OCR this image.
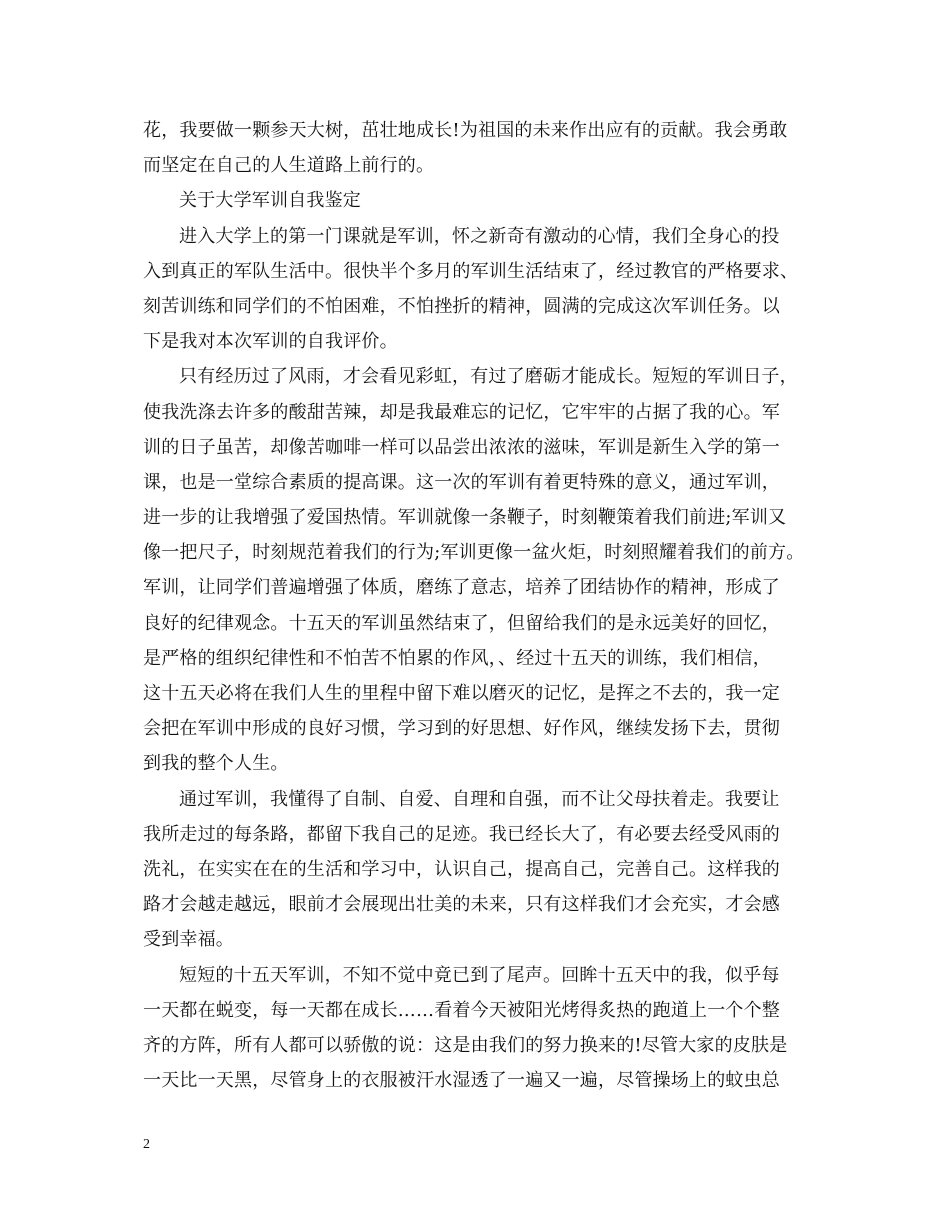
花，我要做一颗参天大树，茁壮地成长!为祖国的未来作出应有的贡献。我会勇敢
而坚定在自己的人生道路上前行的。
关于大学军训自我鉴定
进入大学上的第一门课就是军训，怀之新奇有激动的心情，我们全身心的投
入到真正的军队生活中。很快半个多月的军训生活结束了，经过教官的严格要求、
刻苦训练和同学们的不怕困难，不怕挫折的精神，圆满的完成这次军训任务。以
下是我对本次军训的自我评价。
只有经历过了风雨，才会看见彩虹，有过了磨砺才能成长。短短的军训日子，
使我洗涤去许多的酸甜苦辣，却是我最难忘的记忆，它牢牢的占据了我的心。军
训的日子虽苦，却像苦咖啡一样可以品尝出浓浓的滋味，军训是新生入学的第一
课，也是一堂综合素质的提高课。这一次的军训有着更特殊的意义，通过军训，
进一步的让我增强了爱国热情。军训就像一条鞭子，时刻鞭策着我们前进;军训又
像一把尺子，时刻规范着我们的行为;军训更像一盆火炬，时刻照耀着我们的前方。
军训，让同学们普遍增强了体质，磨练了意志，培养了团结协作的精神，形成了
良好的纪律观念。十五天的军训虽然结束了，但留给我们的是永远美好的回忆，
是严格的组织纪律性和不怕苦不怕累的作风，、经过十五天的训练，我们相信，
这十五天必将在我们人生的里程中留下难以磨灭的记忆，是挥之不去的，我一定
会把在军训中形成的良好习惯，学习到的好思想、好作风，继续发扬下去，贯彻
到我的整个人生。
通过军训，我懂得了自制、自爱、自理和自强，而不让父母扶着走。我要让
我所走过的每条路，都留下我自己的足迹。我已经长大了，有必要去经受风雨的
洗礼，在实实在在的生活和学习中，认识自己，提高自己，完善自己。这样我的
路才会越走越远，眼前才会展现出壮美的未来，只有这样我们才会充实，才会感
受到幸福。
短短的十五天军训，不知不觉中竟已到了尾声。回眸十五天中的我，似乎每
一天都在蜕变，每一天都在成长……看着今天被阳光烤得炙热的跑道上一个个整
齐的方阵，所有人都可以骄傲的说：这是由我们的努力换来的!尽管大家的皮肤是
一天比一天黑，尽管身上的衣服被汗水湿透了一遍又一遍，尽管操场上的蚊虫总
2
